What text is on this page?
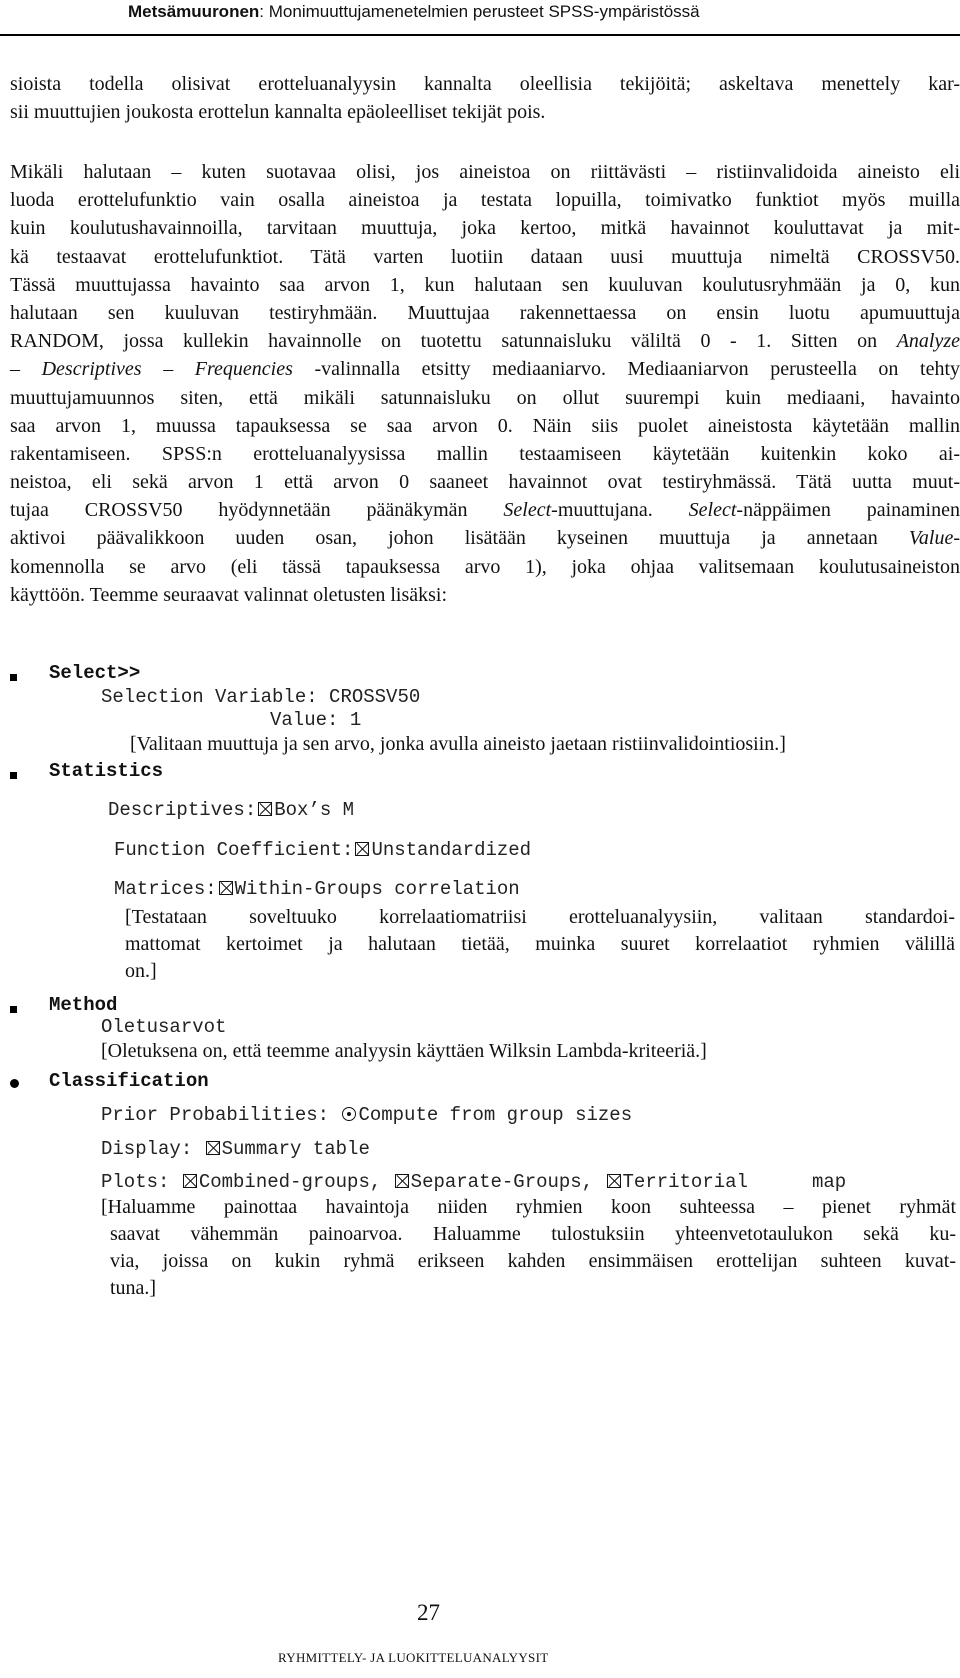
Metsämuuronen: Monimuuttujamenetelmien perusteet SPSS-ympäristössä
sioista todella olisivat erotteluanalyysin kannalta oleellisia tekijöitä; askeltava menettely kar-
sii muuttujien joukosta erottelun kannalta epäoleelliset tekijät pois.
Mikäli halutaan – kuten suotavaa olisi, jos aineistoa on riittävästi – ristiinvalidoida aineisto eli
luoda erottelufunktio vain osalla aineistoa ja testata lopuilla, toimivatko funktiot myös muilla
kuin koulutushavainnoilla, tarvitaan muuttuja, joka kertoo, mitkä havainnot kouluttavat ja mit-
kä testaavat erottelufunktiot. Tätä varten luotiin dataan uusi muuttuja nimeltä CROSSV50.
Tässä muuttujassa havainto saa arvon 1, kun halutaan sen kuuluvan koulutusryhmään ja 0, kun
halutaan sen kuuluvan testiryhmään. Muuttujaa rakennettaessa on ensin luotu apumuuttuja
RANDOM, jossa kullekin havainnolle on tuotettu satunnaisluku väliltä 0 - 1. Sitten on Analyze
– Descriptives – Frequencies -valinnalla etsitty mediaaniarvo. Mediaaniarvon perusteella on tehty
muuttujamuunnos siten, että mikäli satunnaisluku on ollut suurempi kuin mediaani, havainto
saa arvon 1, muussa tapauksessa se saa arvon 0. Näin siis puolet aineistosta käytetään mallin
rakentamiseen. SPSS:n erotteluanalyysissa mallin testaamiseen käytetään kuitenkin koko ai-
neistoa, eli sekä arvon 1 että arvon 0 saaneet havainnot ovat testiryhmässä. Tätä uutta muut-
tujaa CROSSV50 hyödynnetään päänäkymän Select-muuttujana. Select-näppäimen painaminen
aktivoi päävalikkoon uuden osan, johon lisätään kyseinen muuttuja ja annetaan Value-
komennolla se arvo (eli tässä tapauksessa arvo 1), joka ohjaa valitsemaan koulutusaineiston
käyttöön. Teemme seuraavat valinnat oletusten lisäksi:
Select>>
Selection Variable: CROSSV50
Value: 1
[Valitaan muuttuja ja sen arvo, jonka avulla aineisto jaetaan ristiinvalidointiosiin.]
Statistics
Descriptives: Box’s M
Function Coefficient: Unstandardized
Matrices: Within-Groups correlation
[Testataan soveltuuko korrelaatiomatriisi erotteluanalyysiin, valitaan standardoi-
mattomat kertoimet ja halutaan tietää, muinka suuret korrelaatiot ryhmien välillä
on.]
Method
Oletusarvot
[Oletuksena on, että teemme analyysin käyttäen Wilksin Lambda-kriteeriä.]
Classification
Prior Probabilities: Compute from group sizes
Display: Summary table
Plots: Combined-groups, Separate-Groups, Territorial	map
[Haluamme painottaa havaintoja niiden ryhmien koon suhteessa – pienet ryhmät
saavat vähemmän painoarvoa. Haluamme tulostuksiin yhteenvetotaulukon sekä ku-
via, joissa on kukin ryhmä erikseen kahden ensimmäisen erottelijan suhteen kuvat-
tuna.]
27
RYHMITTELY- JA LUOKITTELUANALYYSIT
